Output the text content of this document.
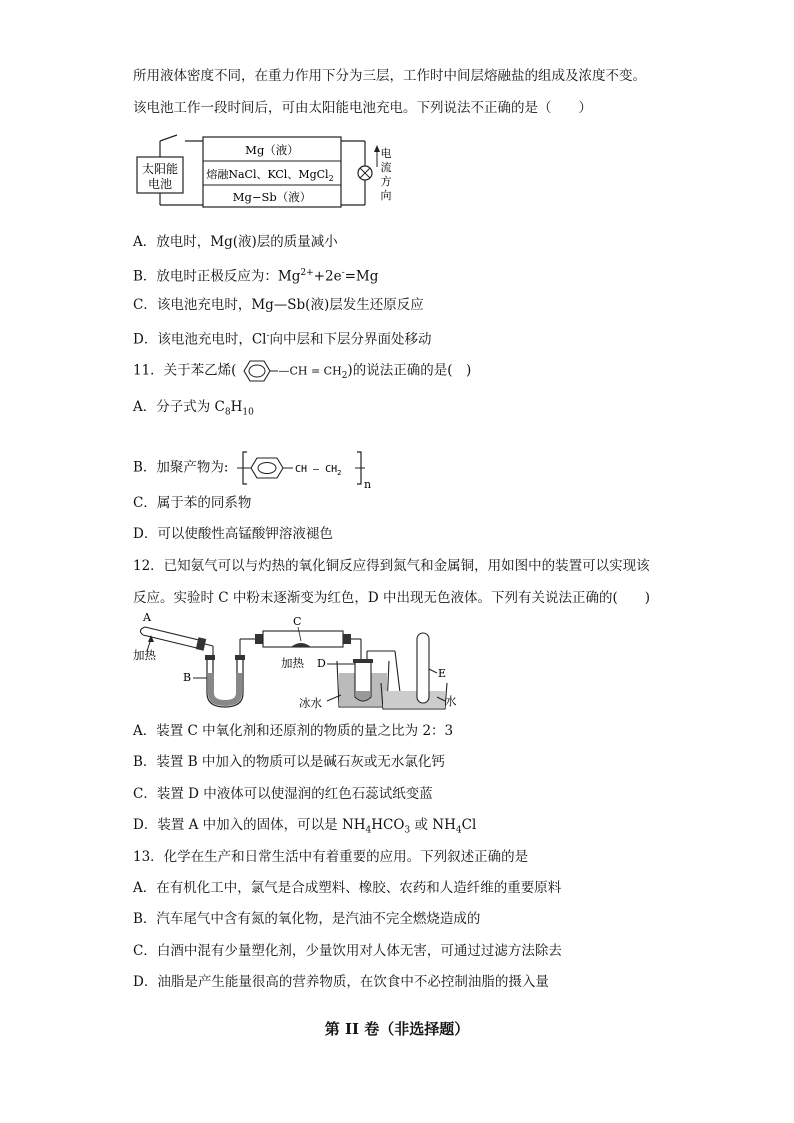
所用液体密度不同，在重力作用下分为三层，工作时中间层熔融盐的组成及浓度不变。
该电池工作一段时间后，可由太阳能电池充电。下列说法不正确的是（　　）
太阳能
电池
Mg（液）
熔融NaCl、KCl、MgCl$_2$
Mg−Sb（液）
电
流
方
向
A．放电时，Mg(液)层的质量减小
B．放电时正极反应为：$Mg^{2+}+2e^-=Mg$
C．该电池充电时，Mg—Sb(液)层发生还原反应
D．该电池充电时，Cl-向中层和下层分界面处移动
11．关于苯乙烯(	—CH = $CH_2$)的说法正确的是(　)
A．分子式为 $C_8H_{10}$
B．加聚产物为:	CH — $CH_2$
n
C．属于苯的同系物
D．可以使酸性高锰酸钾溶液褪色
12．已知氨气可以与灼热的氧化铜反应得到氮气和金属铜，用如图中的装置可以实现该
反应。实验时 C 中粉末逐渐变为红色，D 中出现无色液体。下列有关说法正确的(　　)
A
加热
B
C
加热 D
冰水
E
水
A．装置 C 中氧化剂和还原剂的物质的量之比为 2：3
B．装置 B 中加入的物质可以是碱石灰或无水氯化钙
C．装置 D 中液体可以使湿润的红色石蕊试纸变蓝
D．装置 A 中加入的固体，可以是 $NH_4HCO_3$ 或 $NH_4Cl$
13．化学在生产和日常生活中有着重要的应用。下列叙述正确的是
A．在有机化工中，氯气是合成塑料、橡胶、农药和人造纤维的重要原料
B．汽车尾气中含有氮的氧化物，是汽油不完全燃烧造成的
C．白酒中混有少量塑化剂，少量饮用对人体无害，可通过过滤方法除去
D．油脂是产生能量很高的营养物质，在饮食中不必控制油脂的摄入量
第 II 卷（非选择题）
